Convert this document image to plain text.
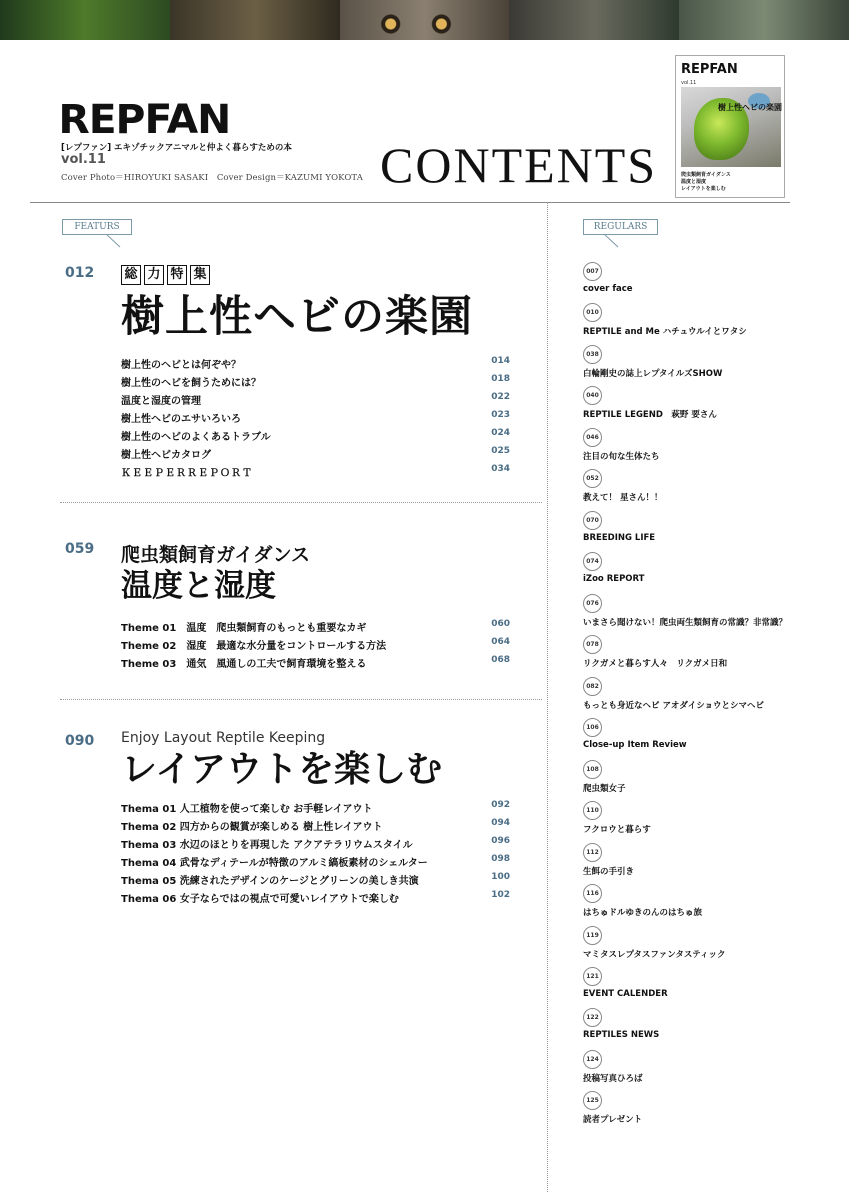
REPFAN
[レプファン] エキゾチックアニマルと仲よく暮らすための本
vol.11
Cover Photo＝HIROYUKI SASAKI　Cover Design＝KAZUMI YOKOTA CONTENTS
REPFAN
vol.11
樹上性ヘビの楽園
爬虫類飼育ガイダンス
温度と湿度
レイアウトを楽しむ
FEATURS	REGULARS
012 総 力 特 集
樹上性ヘビの楽園
樹上性のヘビとは何ぞや？	014
樹上性のヘビを飼うためには？	018
温度と湿度の管理	022
樹上性ヘビのエサいろいろ	023
樹上性のヘビのよくあるトラブル	024
樹上性ヘビカタログ	025
ＫＥＥＰＥＲＲＥＰＯＲＴ	034
059 爬虫類飼育ガイダンス
温度と湿度
Theme 01　温度　爬虫類飼育のもっとも重要なカギ	060
Theme 02　湿度　最適な水分量をコントロールする方法	064
Theme 03　通気　風通しの工夫で飼育環境を整える	068
090 Enjoy Layout Reptile Keeping
レイアウトを楽しむ
Thema 01 人工植物を使って楽しむ お手軽レイアウト	092
Thema 02 四方からの観賞が楽しめる 樹上性レイアウト	094
Thema 03 水辺のほとりを再現した アクアテラリウムスタイル	096
Thema 04 武骨なディテールが特徴のアルミ縞板素材のシェルター	098
Thema 05 洗練されたデザインのケージとグリーンの美しき共演	100
Thema 06 女子ならではの視点で可愛いレイアウトで楽しむ	102
007
cover face
010
REPTILE and Me ハチュウルイとワタシ
038
白輪剛史の誌上レプタイルズSHOW
040
REPTILE LEGEND　萩野 要さん
046
注目の旬な生体たち
052
教えて！ 星さん！！
070
BREEDING LIFE
074
iZoo REPORT
076
いまさら聞けない！爬虫両生類飼育の常識？非常識？
078
リクガメと暮らす人々　リクガメ日和
082
もっとも身近なヘビ アオダイショウとシマヘビ
106
Close-up Item Review
108
爬虫類女子
110
フクロウと暮らす
112
生餌の手引き
116
はちゅドルゆきのんのはちゅ旅
119
マミタスレプタスファンタスティック
121
EVENT CALENDER
122
REPTILES NEWS
124
投稿写真ひろば
125
読者プレゼント
